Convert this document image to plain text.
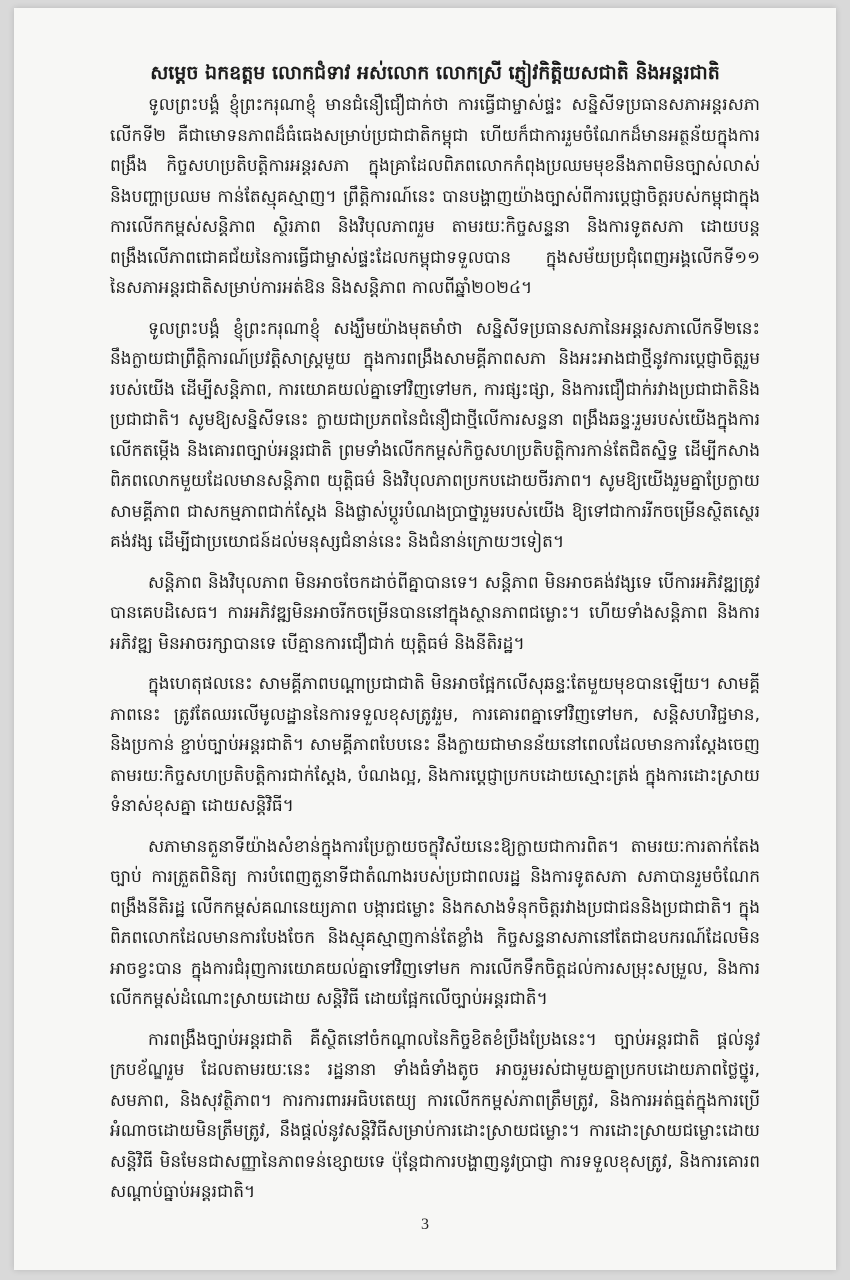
សម្តេច ឯកឧត្តម លោកជំទាវ អស់លោក លោកស្រី ភ្ញៀវកិត្តិយសជាតិ និងអន្តរជាតិ

ទូលព្រះបង្គំ ខ្ញុំព្រះករុណាខ្ញុំ មានជំនឿជឿជាក់ថា ការធ្វើជាម្ចាស់ផ្ទះ សន្និសីទប្រធានសភាអន្តរសភាលើកទី២ គឺជាមោទនភាពដ៏ធំធេងសម្រាប់ប្រជាជាតិកម្ពុជា ហើយក៏ជាការរួមចំណែកដ៏មានអត្ថន័យក្នុងការពង្រឹង កិច្ចសហប្រតិបត្តិការអន្តរសភា ក្នុងគ្រាដែលពិភពលោកកំពុងប្រឈមមុខនឹងភាពមិនច្បាស់លាស់ និងបញ្ហាប្រឈម កាន់តែស្មុគស្មាញ។ ព្រឹត្តិការណ៍នេះ បានបង្ហាញយ៉ាងច្បាស់ពីការប្តេជ្ញាចិត្តរបស់កម្ពុជាក្នុងការលើកកម្ពស់សន្តិភាព ស្ថិរភាព និងវិបុលភាពរួម តាមរយៈកិច្ចសន្ទនា និងការទូតសភា ដោយបន្តពង្រឹងលើភាពជោគជ័យនៃការធ្វើជាម្ចាស់ផ្ទះដែលកម្ពុជាទទួលបាន ក្នុងសម័យប្រជុំពេញអង្គលើកទី១១ នៃសភាអន្តរជាតិសម្រាប់ការអត់ឱន និងសន្តិភាព កាលពីឆ្នាំ២០២៤។

ទូលព្រះបង្គំ ខ្ញុំព្រះករុណាខ្ញុំ សង្ឃឹមយ៉ាងមុតមាំថា សន្និសីទប្រធានសភានៃអន្តរសភាលើកទី២នេះ នឹងក្លាយជាព្រឹត្តិការណ៍ប្រវត្តិសាស្ត្រមួយ ក្នុងការពង្រឹងសាមគ្គីភាពសភា និងអះអាងជាថ្មីនូវការប្តេជ្ញាចិត្តរួមរបស់យើង ដើម្បីសន្តិភាព, ការយោគយល់គ្នាទៅវិញទៅមក, ការផ្សះផ្សា, និងការជឿជាក់រវាងប្រជាជាតិនិងប្រជាជាតិ។ សូមឱ្យសន្និសីទនេះ ក្លាយជាប្រភពនៃជំនឿជាថ្មីលើការសន្ទនា ពង្រឹងឆន្ទៈរួមរបស់យើងក្នុងការលើកតម្កើង និងគោរពច្បាប់អន្តរជាតិ ព្រមទាំងលើកកម្ពស់កិច្ចសហប្រតិបត្តិការកាន់តែជិតស្និទ្ធ ដើម្បីកសាងពិភពលោកមួយដែលមានសន្តិភាព យុត្តិធម៌ និងវិបុលភាពប្រកបដោយចីរភាព។ សូមឱ្យយើងរួមគ្នាប្រែក្លាយសាមគ្គីភាព ជាសកម្មភាពជាក់ស្តែង និងផ្លាស់ប្តូរបំណងប្រាថ្នារួមរបស់យើង ឱ្យទៅជាការរីកចម្រើនស្ថិតស្ថេរគង់វង្ស ដើម្បីជាប្រយោជន៍ដល់មនុស្សជំនាន់នេះ និងជំនាន់ក្រោយៗទៀត។

សន្តិភាព និងវិបុលភាព មិនអាចចែកដាច់ពីគ្នាបានទេ។ សន្តិភាព មិនអាចគង់វង្សទេ បើការអភិវឌ្ឍត្រូវបានគេបដិសេធ។ ការអភិវឌ្ឍមិនអាចរីកចម្រើនបាននៅក្នុងស្ថានភាពជម្លោះ។ ហើយទាំងសន្តិភាព និងការអភិវឌ្ឍ មិនអាចរក្សាបានទេ បើគ្មានការជឿជាក់ យុត្តិធម៌ និងនីតិរដ្ឋ។

ក្នុងហេតុផលនេះ សាមគ្គីភាពបណ្តាប្រជាជាតិ មិនអាចផ្អែកលើសុឆន្ទៈតែមួយមុខបានឡើយ។ សាមគ្គីភាពនេះ ត្រូវតែឈរលើមូលដ្ឋាននៃការទទួលខុសត្រូវរួម, ការគោរពគ្នាទៅវិញទៅមក, សន្តិសហវិជ្ជមាន, និងប្រកាន់ ខ្ជាប់ច្បាប់អន្តរជាតិ។ សាមគ្គីភាពបែបនេះ នឹងក្លាយជាមានន័យនៅពេលដែលមានការស្តែងចេញតាមរយៈកិច្ចសហប្រតិបត្តិការជាក់ស្តែង, បំណងល្អ, និងការប្តេជ្ញាប្រកបដោយស្មោះត្រង់ ក្នុងការដោះស្រាយទំនាស់ខុសគ្នា ដោយសន្តិវិធី។

សភាមានតួនាទីយ៉ាងសំខាន់ក្នុងការប្រែក្លាយចក្ខុវិស័យនេះឱ្យក្លាយជាការពិត។ តាមរយៈការតាក់តែងច្បាប់ ការត្រួតពិនិត្យ ការបំពេញតួនាទីជាតំណាងរបស់ប្រជាពលរដ្ឋ និងការទូតសភា សភាបានរួមចំណែកពង្រឹងនីតិរដ្ឋ លើកកម្ពស់គណនេយ្យភាព បង្ការជម្លោះ និងកសាងទំនុកចិត្តរវាងប្រជាជននិងប្រជាជាតិ។ ក្នុងពិភពលោកដែលមានការបែងចែក និងស្មុគស្មាញកាន់តែខ្លាំង កិច្ចសន្ទនាសភានៅតែជាឧបករណ៍ដែលមិនអាចខ្វះបាន ក្នុងការជំរុញការយោគយល់គ្នាទៅវិញទៅមក ការលើកទឹកចិត្តដល់ការសម្រុះសម្រួល, និងការលើកកម្ពស់ដំណោះស្រាយដោយ សន្តិវិធី ដោយផ្អែកលើច្បាប់អន្តរជាតិ។

ការពង្រឹងច្បាប់អន្តរជាតិ គឺស្ថិតនៅចំកណ្តាលនៃកិច្ចខិតខំប្រឹងប្រែងនេះ។ ច្បាប់អន្តរជាតិ ផ្តល់នូវក្របខ័ណ្ឌរួម ដែលតាមរយៈនេះ រដ្ឋនានា ទាំងធំទាំងតូច អាចរួមរស់ជាមួយគ្នាប្រកបដោយភាពថ្លៃថ្នូរ, សមភាព, និងសុវត្ថិភាព។ ការការពារអធិបតេយ្យ ការលើកកម្ពស់ភាពត្រឹមត្រូវ, និងការអត់ធ្មត់ក្នុងការប្រើអំណាចដោយមិនត្រឹមត្រូវ, នឹងផ្តល់នូវសន្តិវិធីសម្រាប់ការដោះស្រាយជម្លោះ។ ការដោះស្រាយជម្លោះដោយសន្តិវិធី មិនមែនជាសញ្ញានៃភាពទន់ខ្សោយទេ ប៉ុន្តែជាការបង្ហាញនូវប្រាជ្ញា ការទទួលខុសត្រូវ, និងការគោរពសណ្តាប់ធ្នាប់អន្តរជាតិ។

3
